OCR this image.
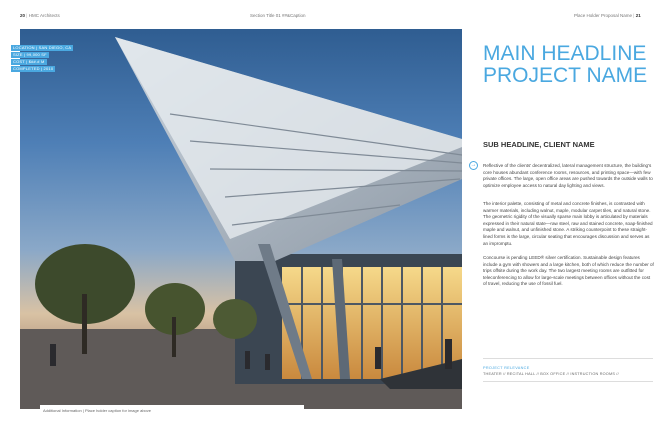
20 | HMC Architects	Section Title 01 ##&Caption	Place Holder Proposal Name | 21
LOCATION | SAN DIEGO, CA
SIZE | 99,000 SF
COST | $##.# M
COMPLETED | 2010
Additional Information | Place holder caption for image above
MAIN HEADLINE PROJECT NAME
SUB HEADLINE, CLIENT NAME
→	Reflective of the clients' decentralized, lateral management structure, the building's core houses abundant conference rooms, resources, and printing space—with few private offices. The large, open office areas are pushed towards the outside walls to optimize employee access to natural day lighting and views.

The interior palette, consisting of metal and concrete finishes, is contrasted with warmer materials, including walnut, maple, modular carpet tiles, and natural stone. The geometric rigidity of the visually sparse main lobby is articulated by materials expressed in their natural state—raw steel, raw and stained concrete, soap-finished maple and walnut, and unfinished stone. A striking counterpoint to these straight-lined forms is the large, circular seating that encourages discussion and serves as an impromptu.

Concourse is pending LEED® silver certification. Sustainable design features include a gym with showers and a large kitchen, both of which reduce the number of trips offsite during the work day. The two largest meeting rooms are outfitted for teleconferencing to allow for large-scale meetings between offices without the cost of travel, reducing the use of fossil fuel.

PROJECT RELEVANCE
THEATER // RECITAL HALL // BOX OFFICE // INSTRUCTION ROOMS //
